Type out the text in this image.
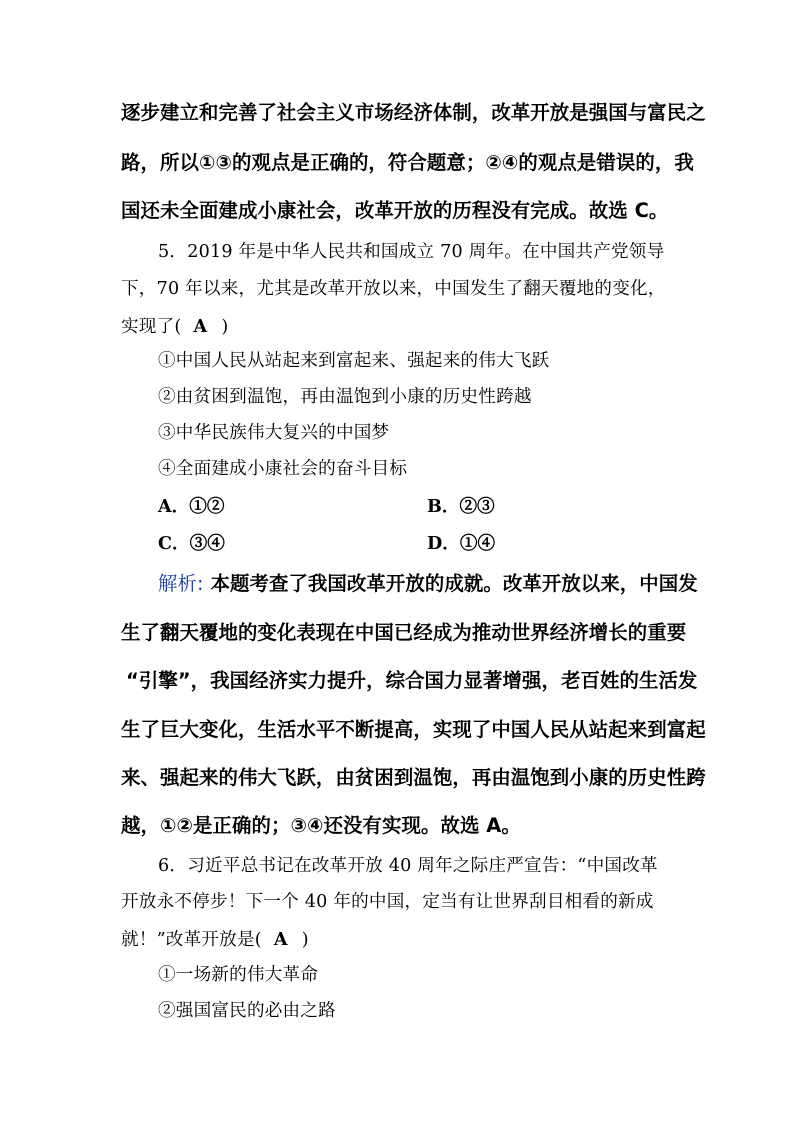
逐步建立和完善了社会主义市场经济体制，改革开放是强国与富民之
路，所以①③的观点是正确的，符合题意；②④的观点是错误的，我
国还未全面建成小康社会，改革开放的历程没有完成。故选 C。
5．2019 年是中华人民共和国成立 70 周年。在中国共产党领导
下，70 年以来，尤其是改革开放以来，中国发生了翻天覆地的变化，
实现了( A )
①中国人民从站起来到富起来、强起来的伟大飞跃
②由贫困到温饱，再由温饱到小康的历史性跨越
③中华民族伟大复兴的中国梦
④全面建成小康社会的奋斗目标
A．①②	B．②③
C．③④	D．①④
解析: 本题考查了我国改革开放的成就。改革开放以来，中国发
生了翻天覆地的变化表现在中国已经成为推动世界经济增长的重要
“引擎”，我国经济实力提升，综合国力显著增强，老百姓的生活发
生了巨大变化，生活水平不断提高，实现了中国人民从站起来到富起
来、强起来的伟大飞跃，由贫困到温饱，再由温饱到小康的历史性跨
越，①②是正确的；③④还没有实现。故选 A。
6．习近平总书记在改革开放 40 周年之际庄严宣告：“中国改革
开放永不停步！下一个 40 年的中国，定当有让世界刮目相看的新成
就！”改革开放是( A )
①一场新的伟大革命
②强国富民的必由之路
